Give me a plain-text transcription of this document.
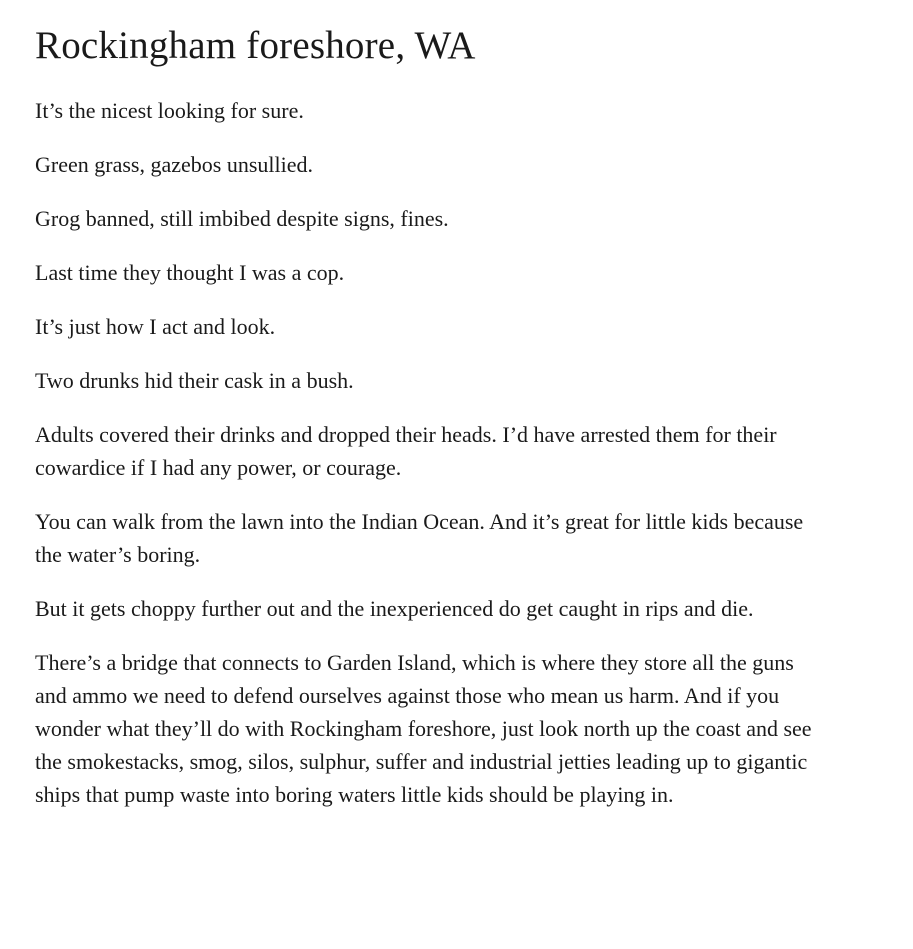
Rockingham foreshore, WA

It’s the nicest looking for sure.

Green grass, gazebos unsullied.

Grog banned, still imbibed despite signs, fines.

Last time they thought I was a cop.

It’s just how I act and look.

Two drunks hid their cask in a bush.

Adults covered their drinks and dropped their heads. I’d have arrested them for their cowardice if I had any power, or courage.

You can walk from the lawn into the Indian Ocean. And it’s great for little kids because the water’s boring.

But it gets choppy further out and the inexperienced do get caught in rips and die.

There’s a bridge that connects to Garden Island, which is where they store all the guns and ammo we need to defend ourselves against those who mean us harm. And if you wonder what they’ll do with Rockingham foreshore, just look north up the coast and see the smokestacks, smog, silos, sulphur, suffer and industrial jetties leading up to gigantic ships that pump waste into boring waters little kids should be playing in.
